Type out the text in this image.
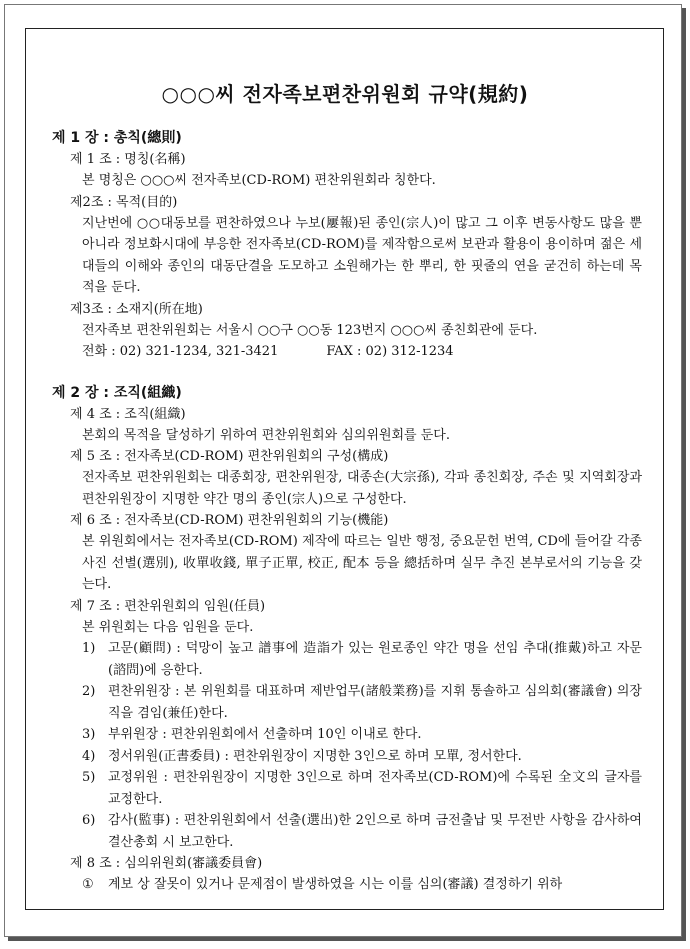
○○○씨 전자족보편찬위원회 규약(規約)
제 1 장 : 총칙(總則)
제 1 조 : 명칭(名稱)
본 명칭은 ○○○씨 전자족보(CD-ROM) 편찬위원회라 칭한다.
제2조 : 목적(目的)
지난번에 ○○대동보를 편찬하였으나 누보(屢報)된 종인(宗人)이 많고 그 이후 변동사항도 많을 뿐 아니라 정보화시대에 부응한 전자족보(CD-ROM)를 제작함으로써 보관과 활용이 용이하며 젊은 세대들의 이해와 종인의 대동단결을 도모하고 소원해가는 한 뿌리, 한 핏줄의 연을 굳건히 하는데 목적을 둔다.
제3조 : 소재지(所在地)
전자족보 편찬위원회는 서울시 ○○구 ○○동 123번지 ○○○씨 종친회관에 둔다.
전화 : 02) 321-1234, 321-3421	FAX : 02) 312-1234
제 2 장 : 조직(組織)
제 4 조 : 조직(組織)
본회의 목적을 달성하기 위하여 편찬위원회와 심의위원회를 둔다.
제 5 조 : 전자족보(CD-ROM) 편찬위원회의 구성(構成)
전자족보 편찬위원회는 대종회장, 편찬위원장, 대종손(大宗孫), 각파 종친회장, 주손 및 지역회장과 편찬위원장이 지명한 약간 명의 종인(宗人)으로 구성한다.
제 6 조 : 전자족보(CD-ROM) 편찬위원회의 기능(機能)
본 위원회에서는 전자족보(CD-ROM) 제작에 따르는 일반 행정, 중요문헌 번역, CD에 들어갈 각종사진 선별(選別), 收單收錢, 單子正單, 校正, 配本 등을 總括하며 실무 추진 본부로서의 기능을 갖는다.
제 7 조 : 편찬위원회의 임원(任員)
본 위원회는 다음 임원을 둔다.
1) 고문(顧問) : 덕망이 높고 譜事에 造詣가 있는 원로종인 약간 명을 선임 추대(推戴)하고 자문(諮問)에 응한다.
2) 편찬위원장 : 본 위원회를 대표하며 제반업무(諸般業務)를 지휘 통솔하고 심의회(審議會) 의장직을 겸임(兼任)한다.
3) 부위원장 : 편찬위원회에서 선출하며 10인 이내로 한다.
4) 정서위원(正書委員) : 편찬위원장이 지명한 3인으로 하며 모單, 정서한다.
5) 교정위원 : 편찬위원장이 지명한 3인으로 하며 전자족보(CD-ROM)에 수록된 全文의 글자를 교정한다.
6) 감사(監事) : 편찬위원회에서 선출(選出)한 2인으로 하며 금전출납 및 무전반 사항을 감사하여 결산총회 시 보고한다.
제 8 조 : 심의위원회(審議委員會)
① 계보 상 잘못이 있거나 문제점이 발생하였을 시는 이를 심의(審議) 결정하기 위하
